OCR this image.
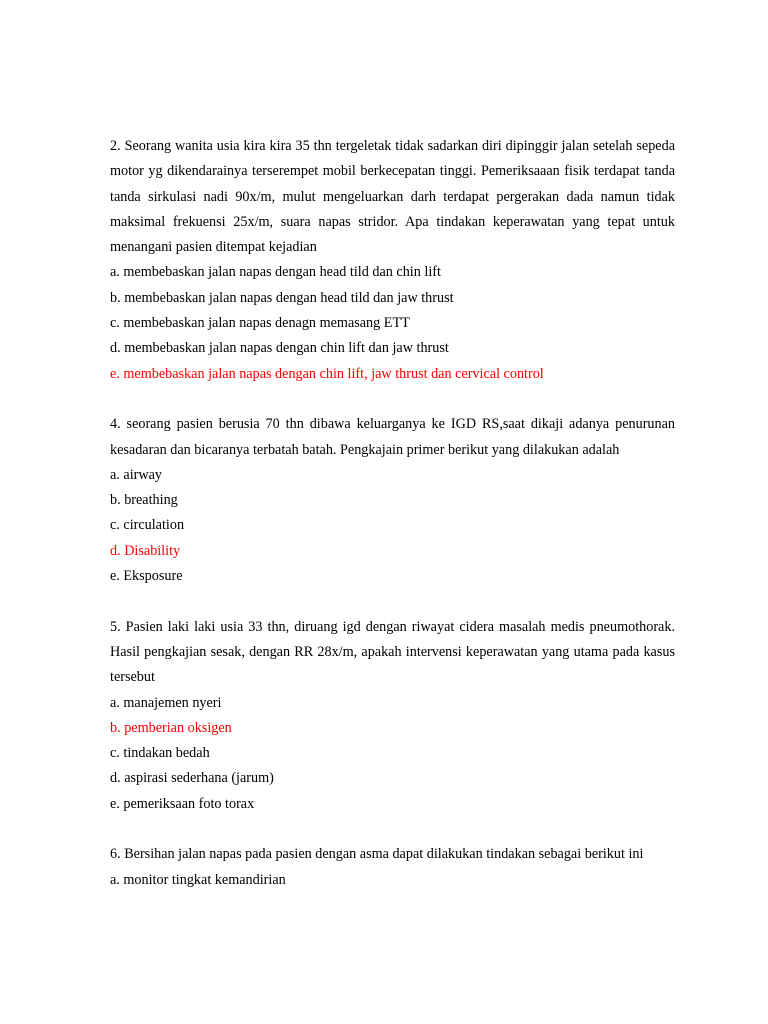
2. Seorang wanita usia kira kira 35 thn tergeletak tidak sadarkan diri dipinggir jalan setelah sepeda motor yg dikendarainya terserempet mobil berkecepatan tinggi. Pemeriksaaan fisik terdapat tanda tanda sirkulasi nadi 90x/m, mulut mengeluarkan darh terdapat pergerakan dada namun tidak maksimal frekuensi 25x/m, suara napas stridor. Apa tindakan keperawatan yang tepat untuk menangani pasien ditempat kejadian

a. membebaskan jalan napas dengan head tild dan chin lift

b. membebaskan jalan napas dengan head tild dan jaw thrust

c. membebaskan jalan napas denagn memasang ETT

d. membebaskan jalan napas dengan chin lift dan jaw thrust

e. membebaskan jalan napas dengan chin lift, jaw thrust dan cervical control

4. seorang pasien berusia 70 thn dibawa keluarganya ke IGD RS,saat dikaji adanya penurunan kesadaran dan bicaranya terbatah batah. Pengkajain primer berikut yang dilakukan adalah

a. airway

b. breathing

c. circulation

d. Disability

e. Eksposure

5. Pasien laki laki usia 33 thn, diruang igd dengan riwayat cidera masalah medis pneumothorak. Hasil pengkajian sesak, dengan RR 28x/m, apakah intervensi keperawatan yang utama pada kasus tersebut

a. manajemen nyeri

b. pemberian oksigen

c. tindakan bedah

d. aspirasi sederhana (jarum)

e. pemeriksaan foto torax

6. Bersihan jalan napas pada pasien dengan asma dapat dilakukan tindakan sebagai berikut ini

a. monitor tingkat kemandirian
